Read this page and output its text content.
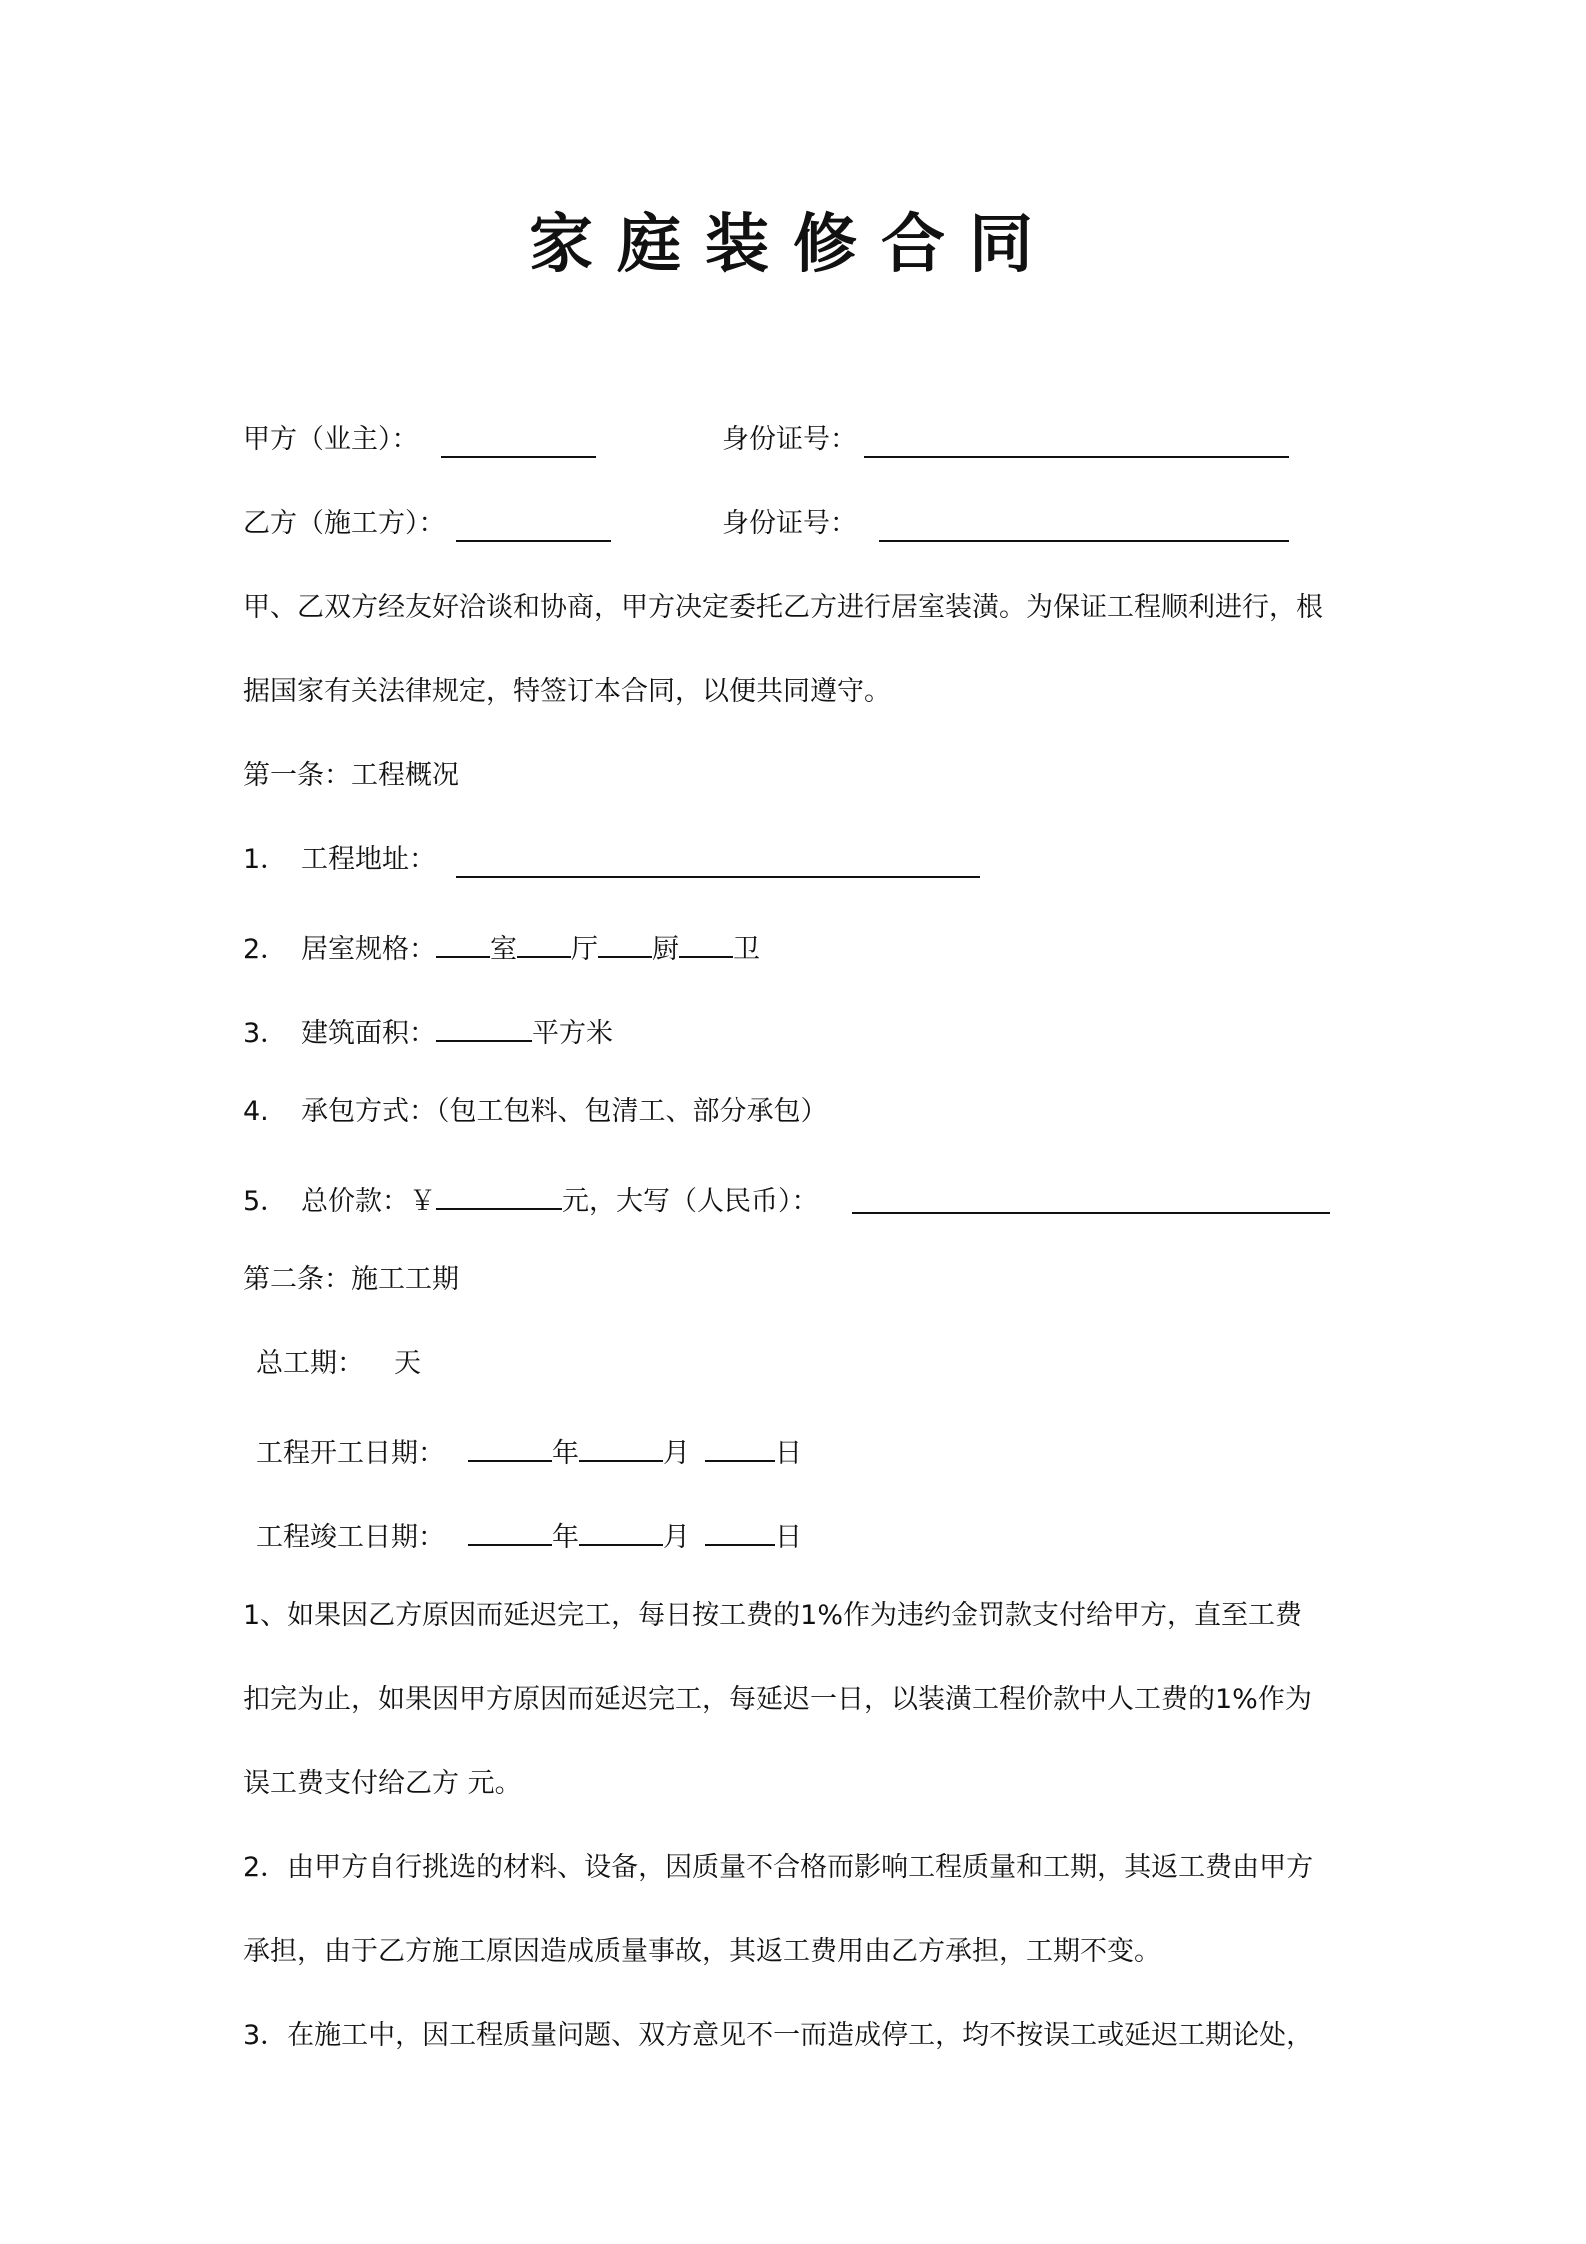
家庭装修合同
甲方（业主）：	身份证号：
乙方（施工方）：	身份证号：
甲、乙双方经友好洽谈和协商，甲方决定委托乙方进行居室装潢。为保证工程顺利进行，根
据国家有关法律规定，特签订本合同，以便共同遵守。
第一条：工程概况
1． 工程地址：
2． 居室规格： 室 厅 厨 卫
3． 建筑面积：	平方米
4. 承包方式：（包工包料、包清工、部分承包）
5． 总价款：￥	元，大写（人民币）：
第二条：施工工期
总工期： 天
工程开工日期：	年	月	日
工程竣工日期：	年	月	日
1、如果因乙方原因而延迟完工，每日按工费的1%作为违约金罚款支付给甲方，直至工费
扣完为止，如果因甲方原因而延迟完工，每延迟一日，以装潢工程价款中人工费的1%作为
误工费支付给乙方 元。
2．由甲方自行挑选的材料、设备，因质量不合格而影响工程质量和工期，其返工费由甲方
承担，由于乙方施工原因造成质量事故，其返工费用由乙方承担，工期不变。
3．在施工中，因工程质量问题、双方意见不一而造成停工，均不按误工或延迟工期论处，
